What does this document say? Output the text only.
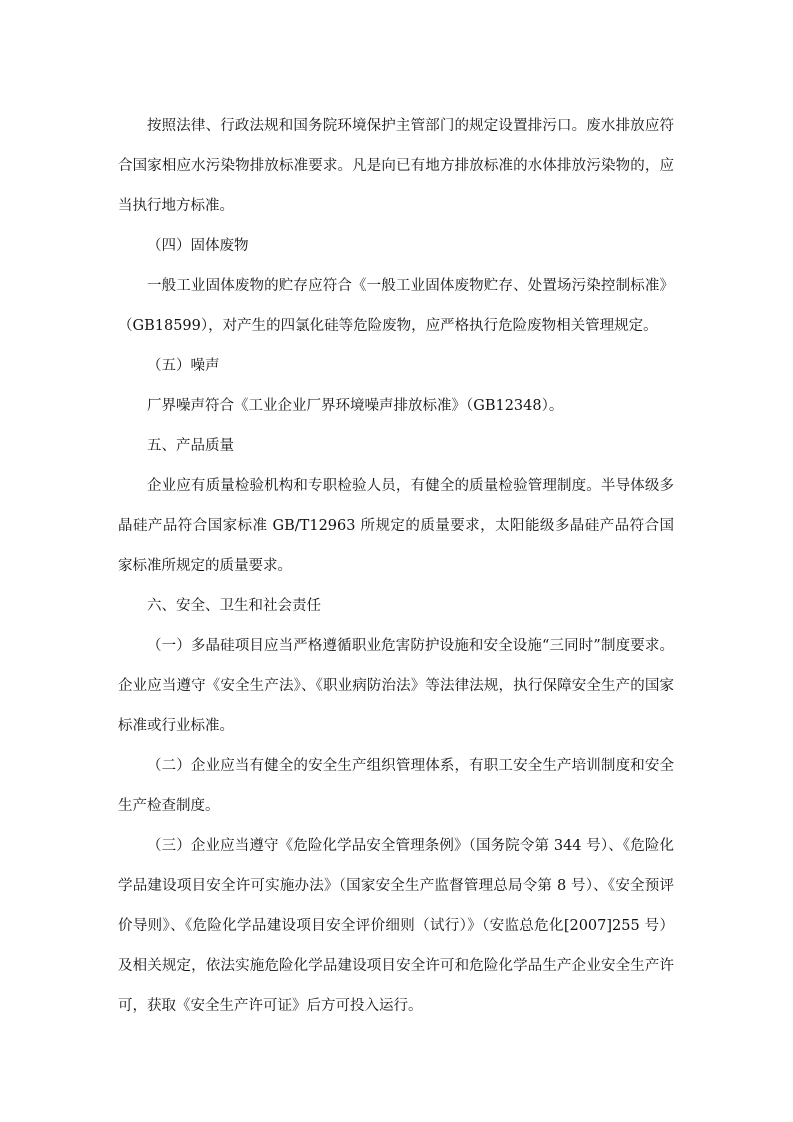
按照法律、行政法规和国务院环境保护主管部门的规定设置排污口。废水排放应符合国家相应水污染物排放标准要求。凡是向已有地方排放标准的水体排放污染物的，应当执行地方标准。

（四）固体废物

一般工业固体废物的贮存应符合《一般工业固体废物贮存、处置场污染控制标准》（GB18599），对产生的四氯化硅等危险废物，应严格执行危险废物相关管理规定。

（五）噪声

厂界噪声符合《工业企业厂界环境噪声排放标准》（GB12348）。

五、产品质量

企业应有质量检验机构和专职检验人员，有健全的质量检验管理制度。半导体级多晶硅产品符合国家标准 GB/T12963 所规定的质量要求，太阳能级多晶硅产品符合国家标准所规定的质量要求。

六、安全、卫生和社会责任

（一）多晶硅项目应当严格遵循职业危害防护设施和安全设施“三同时”制度要求。企业应当遵守《安全生产法》、《职业病防治法》等法律法规，执行保障安全生产的国家标准或行业标准。

（二）企业应当有健全的安全生产组织管理体系，有职工安全生产培训制度和安全生产检查制度。

（三）企业应当遵守《危险化学品安全管理条例》（国务院令第 344 号）、《危险化学品建设项目安全许可实施办法》（国家安全生产监督管理总局令第 8 号）、《安全预评价导则》、《危险化学品建设项目安全评价细则（试行）》（安监总危化[2007]255 号）及相关规定，依法实施危险化学品建设项目安全许可和危险化学品生产企业安全生产许可，获取《安全生产许可证》后方可投入运行。
